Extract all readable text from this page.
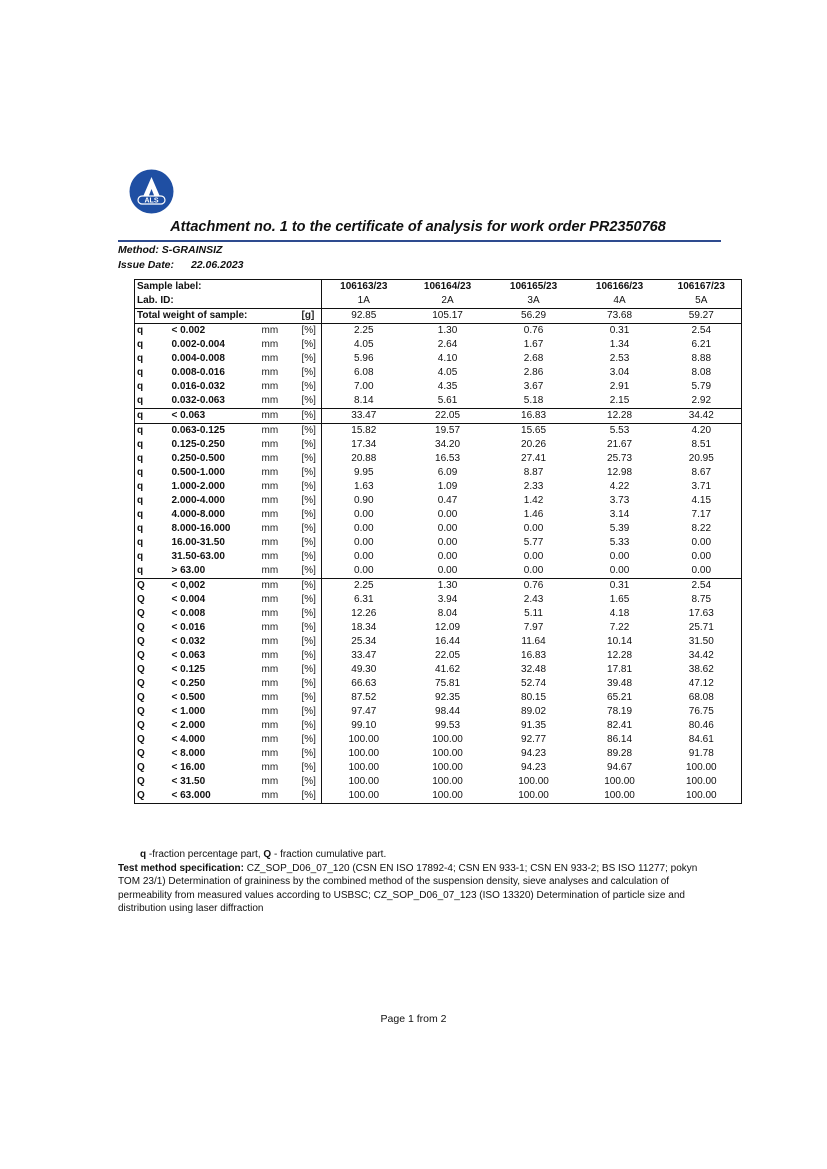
ALS
Attachment no. 1 to the certificate of analysis for work order PR2350768
Method: S-GRAINSIZ
Issue Date: 22.06.2023
Sample label:				106163/23	106164/23	106165/23	106166/23	106167/23
Lab. ID:				1A	2A	3A	4A	5A
Total weight of sample:			[g]	92.85	105.17	56.29	73.68	59.27
q	< 0.002	mm	[%]	2.25	1.30	0.76	0.31	2.54
q	0.002-0.004	mm	[%]	4.05	2.64	1.67	1.34	6.21
q	0.004-0.008	mm	[%]	5.96	4.10	2.68	2.53	8.88
q	0.008-0.016	mm	[%]	6.08	4.05	2.86	3.04	8.08
q	0.016-0.032	mm	[%]	7.00	4.35	3.67	2.91	5.79
q	0.032-0.063	mm	[%]	8.14	5.61	5.18	2.15	2.92
q	< 0.063	mm	[%]	33.47	22.05	16.83	12.28	34.42
q	0.063-0.125	mm	[%]	15.82	19.57	15.65	5.53	4.20
q	0.125-0.250	mm	[%]	17.34	34.20	20.26	21.67	8.51
q	0.250-0.500	mm	[%]	20.88	16.53	27.41	25.73	20.95
q	0.500-1.000	mm	[%]	9.95	6.09	8.87	12.98	8.67
q	1.000-2.000	mm	[%]	1.63	1.09	2.33	4.22	3.71
q	2.000-4.000	mm	[%]	0.90	0.47	1.42	3.73	4.15
q	4.000-8.000	mm	[%]	0.00	0.00	1.46	3.14	7.17
q	8.000-16.000	mm	[%]	0.00	0.00	0.00	5.39	8.22
q	16.00-31.50	mm	[%]	0.00	0.00	5.77	5.33	0.00
q	31.50-63.00	mm	[%]	0.00	0.00	0.00	0.00	0.00
q	> 63.00	mm	[%]	0.00	0.00	0.00	0.00	0.00
Q	< 0,002	mm	[%]	2.25	1.30	0.76	0.31	2.54
Q	< 0.004	mm	[%]	6.31	3.94	2.43	1.65	8.75
Q	< 0.008	mm	[%]	12.26	8.04	5.11	4.18	17.63
Q	< 0.016	mm	[%]	18.34	12.09	7.97	7.22	25.71
Q	< 0.032	mm	[%]	25.34	16.44	11.64	10.14	31.50
Q	< 0.063	mm	[%]	33.47	22.05	16.83	12.28	34.42
Q	< 0.125	mm	[%]	49.30	41.62	32.48	17.81	38.62
Q	< 0.250	mm	[%]	66.63	75.81	52.74	39.48	47.12
Q	< 0.500	mm	[%]	87.52	92.35	80.15	65.21	68.08
Q	< 1.000	mm	[%]	97.47	98.44	89.02	78.19	76.75
Q	< 2.000	mm	[%]	99.10	99.53	91.35	82.41	80.46
Q	< 4.000	mm	[%]	100.00	100.00	92.77	86.14	84.61
Q	< 8.000	mm	[%]	100.00	100.00	94.23	89.28	91.78
Q	< 16.00	mm	[%]	100.00	100.00	94.23	94.67	100.00
Q	< 31.50	mm	[%]	100.00	100.00	100.00	100.00	100.00
Q	< 63.000	mm	[%]	100.00	100.00	100.00	100.00	100.00
q -fraction percentage part, Q - fraction cumulative part.
Test method specification: CZ_SOP_D06_07_120 (CSN EN ISO 17892-4; CSN EN 933-1; CSN EN 933-2; BS ISO 11277; pokyn TOM 23/1) Determination of graininess by the combined method of the suspension density, sieve analyses and calculation of permeability from measured values according to USBSC; CZ_SOP_D06_07_123 (ISO 13320) Determination of particle size and distribution using laser diffraction
Page 1 from 2
